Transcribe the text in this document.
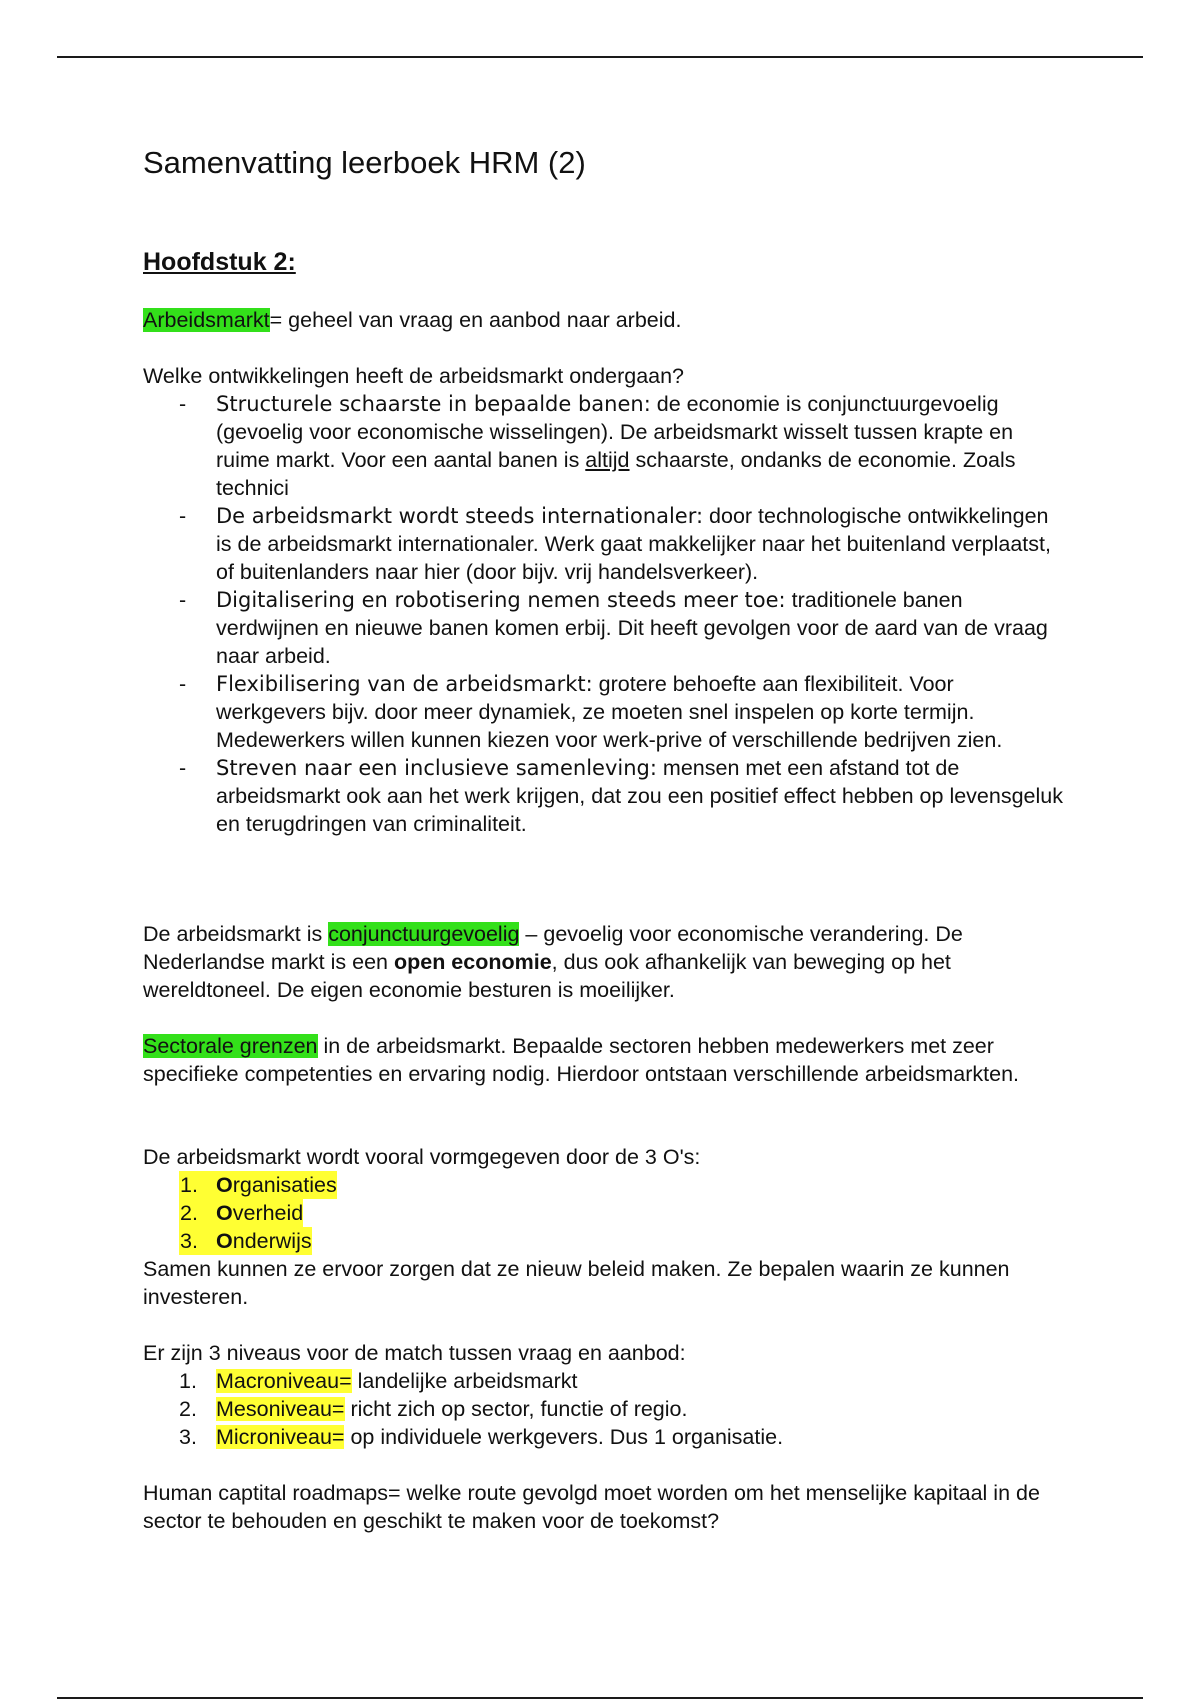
Samenvatting leerboek HRM (2)
Hoofdstuk 2:

Arbeidsmarkt= geheel van vraag en aanbod naar arbeid.

Welke ontwikkelingen heeft de arbeidsmarkt ondergaan?

- Structurele schaarste in bepaalde banen: de economie is conjunctuurgevoelig (gevoelig voor economische wisselingen). De arbeidsmarkt wisselt tussen krapte en ruime markt. Voor een aantal banen is altijd schaarste, ondanks de economie. Zoals technici
- De arbeidsmarkt wordt steeds internationaler: door technologische ontwikkelingen is de arbeidsmarkt internationaler. Werk gaat makkelijker naar het buitenland verplaatst, of buitenlanders naar hier (door bijv. vrij handelsverkeer).
- Digitalisering en robotisering nemen steeds meer toe: traditionele banen verdwijnen en nieuwe banen komen erbij. Dit heeft gevolgen voor de aard van de vraag naar arbeid.
- Flexibilisering van de arbeidsmarkt: grotere behoefte aan flexibiliteit. Voor werkgevers bijv. door meer dynamiek, ze moeten snel inspelen op korte termijn. Medewerkers willen kunnen kiezen voor werk-prive of verschillende bedrijven zien.
- Streven naar een inclusieve samenleving: mensen met een afstand tot de arbeidsmarkt ook aan het werk krijgen, dat zou een positief effect hebben op levensgeluk en terugdringen van criminaliteit.

De arbeidsmarkt is conjunctuurgevoelig – gevoelig voor economische verandering. De Nederlandse markt is een open economie, dus ook afhankelijk van beweging op het wereldtoneel. De eigen economie besturen is moeilijker.

Sectorale grenzen in de arbeidsmarkt. Bepaalde sectoren hebben medewerkers met zeer specifieke competenties en ervaring nodig. Hierdoor ontstaan verschillende arbeidsmarkten.

De arbeidsmarkt wordt vooral vormgegeven door de 3 O's:

1. Organisaties
2. Overheid
3. Onderwijs

Samen kunnen ze ervoor zorgen dat ze nieuw beleid maken. Ze bepalen waarin ze kunnen investeren.

Er zijn 3 niveaus voor de match tussen vraag en aanbod:

1. Macroniveau= landelijke arbeidsmarkt
2. Mesoniveau= richt zich op sector, functie of regio.
3. Microniveau= op individuele werkgevers. Dus 1 organisatie.

Human captital roadmaps= welke route gevolgd moet worden om het menselijke kapitaal in de sector te behouden en geschikt te maken voor de toekomst?
